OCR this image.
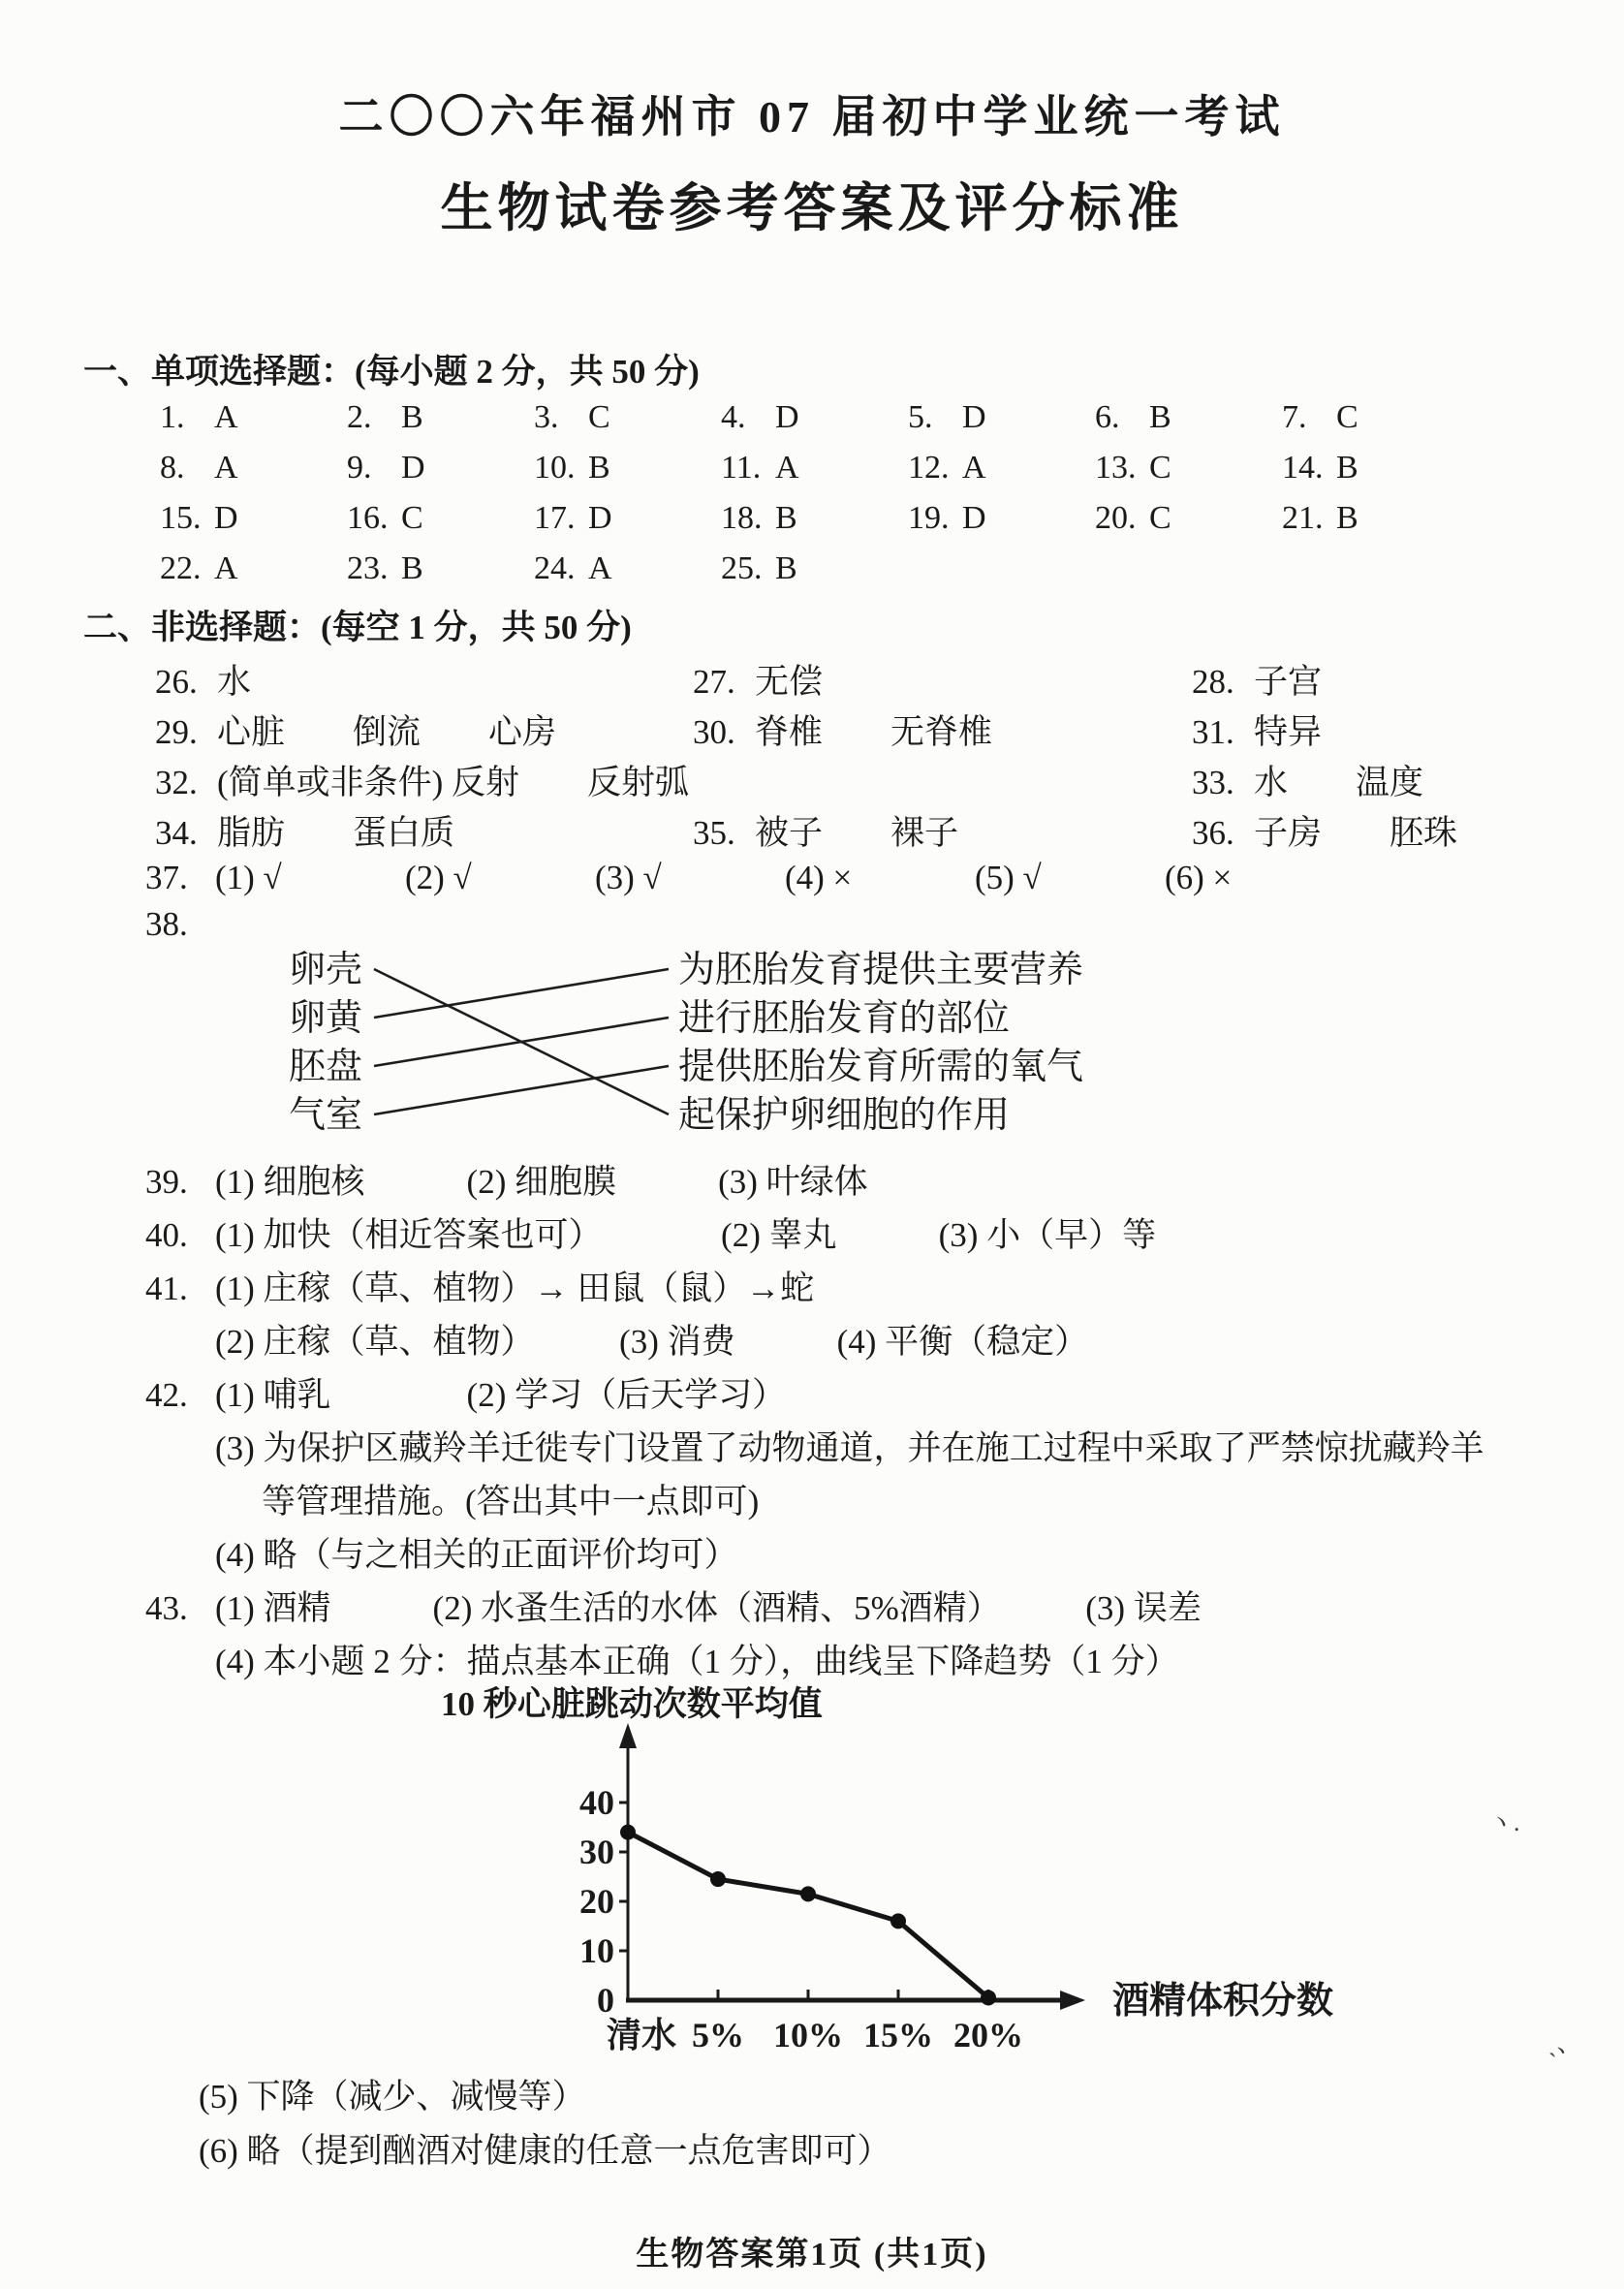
二〇〇六年福州市 07 届初中学业统一考试
生物试卷参考答案及评分标准
一、单项选择题：(每小题 2 分，共 50 分)
1. A	2. B	3. C	4. D	5. D	6. B	7. C
8. A	9. D	10. B	11. A	12. A	13. C	14. B
15. D	16. C	17. D	18. B	19. D	20. C	21. B
22. A	23. B	24. A	25. B
二、非选择题：(每空 1 分，共 50 分)
26. 水	27. 无偿	28. 子宫
29. 心脏　　倒流　　心房	30. 脊椎　　无脊椎	31. 特异
32. (简单或非条件) 反射　　反射弧	33. 水　　温度
34. 脂肪　　蛋白质	35. 被子　　裸子	36. 子房　　胚珠
37. (1) √	(2) √	(3) √	(4) ×	(5) √	(6) ×
38.
卵壳
卵黄
胚盘
气室
为胚胎发育提供主要营养
进行胚胎发育的部位
提供胚胎发育所需的氧气
起保护卵细胞的作用
39. (1) 细胞核　　　(2) 细胞膜　　　(3) 叶绿体
40. (1) 加快（相近答案也可）　　　　(2) 睾丸　　　(3) 小（早）等
41. (1) 庄稼（草、植物）→ 田鼠（鼠）→蛇
(2) 庄稼（草、植物）　　　(3) 消费　　　(4) 平衡（稳定）
42. (1) 哺乳　　　　(2) 学习（后天学习）
(3) 为保护区藏羚羊迁徙专门设置了动物通道，并在施工过程中采取了严禁惊扰藏羚羊
等管理措施。(答出其中一点即可)
(4) 略（与之相关的正面评价均可）
43. (1) 酒精　　　(2) 水蚤生活的水体（酒精、5%酒精）　　　(3) 误差
(4) 本小题 2 分：描点基本正确（1 分），曲线呈下降趋势（1 分）
10 秒心脏跳动次数平均值
0
10
20
30
40
清水 5% 10% 15% 20%
酒精体积分数
(5) 下降（减少、减慢等）
(6) 略（提到酗酒对健康的任意一点危害即可）
生物答案第1页 (共1页)
ヽ.
ˎ、
